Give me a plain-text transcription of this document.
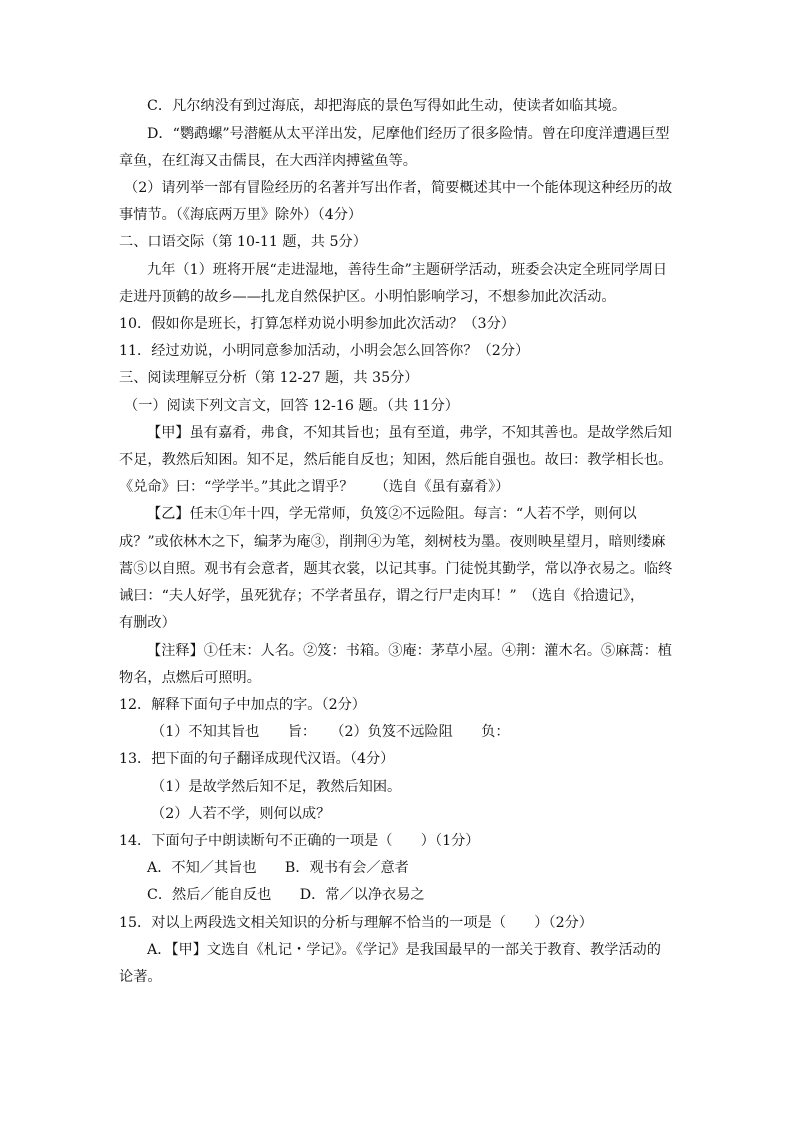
C．凡尔纳没有到过海底，却把海底的景色写得如此生动，使读者如临其境。
D．“鹦鹉螺”号潜艇从太平洋出发，尼摩他们经历了很多险情。曾在印度洋遭遇巨型
章鱼，在红海又击儒艮，在大西洋肉搏鲨鱼等。
（2）请列举一部有冒险经历的名著并写出作者，简要概述其中一个能体现这种经历的故
事情节。（《海底两万里》除外）（4分）
二、口语交际（第 10-11 题，共 5分）
九年（1）班将开展“走进湿地，善待生命”主题研学活动，班委会决定全班同学周日
走进丹顶鹤的故乡——扎龙自然保护区。小明怕影响学习，不想参加此次活动。
10．假如你是班长，打算怎样劝说小明参加此次活动？（3分）
11．经过劝说，小明同意参加活动，小明会怎么回答你？（2分）
三、阅读理解豆分析（第 12-27 题，共 35分）
（一）阅读下列文言文，回答 12-16 题。（共 11分）
【甲】虽有嘉肴，弗食，不知其旨也；虽有至道，弗学，不知其善也。是故学然后知
不足，教然后知困。知不足，然后能自反也；知困，然后能自强也。故曰：教学相长也。
《兑命》曰：“学学半。”其此之谓乎？　　（选自《虽有嘉肴》）
【乙】任末①年十四，学无常师，负笈②不远险阻。每言：“人若不学，则何以
成？”或依林木之下，编茅为庵③，削荆④为笔，刻树枝为墨。夜则映星望月，暗则缕麻
蒿⑤以自照。观书有会意者，题其衣裳，以记其事。门徒悦其勤学，常以净衣易之。临终
诫曰：“夫人好学，虽死犹存；不学者虽存，谓之行尸走肉耳！”　（选自《拾遗记》，
有删改）
【注释】①任末：人名。②笈：书箱。③庵：茅草小屋。④荆：灌木名。⑤麻蒿：植
物名，点燃后可照明。
12．解释下面句子中加点的字。（2分）
（1）不知其旨也　　旨：　　（2）负笈不远险阻　　负：
13．把下面的句子翻译成现代汉语。（4分）
（1）是故学然后知不足，教然后知困。
（2）人若不学，则何以成？
14．下面句子中朗读断句不正确的一项是（　　）（1分）
A．不知／其旨也　　B．观书有会／意者
C．然后／能自反也　　D．常／以净衣易之
15．对以上两段选文相关知识的分析与理解不恰当的一项是（　　）（2分）
A．【甲】文选自《札记・学记》。《学记》是我国最早的一部关于教育、教学活动的
论著。
